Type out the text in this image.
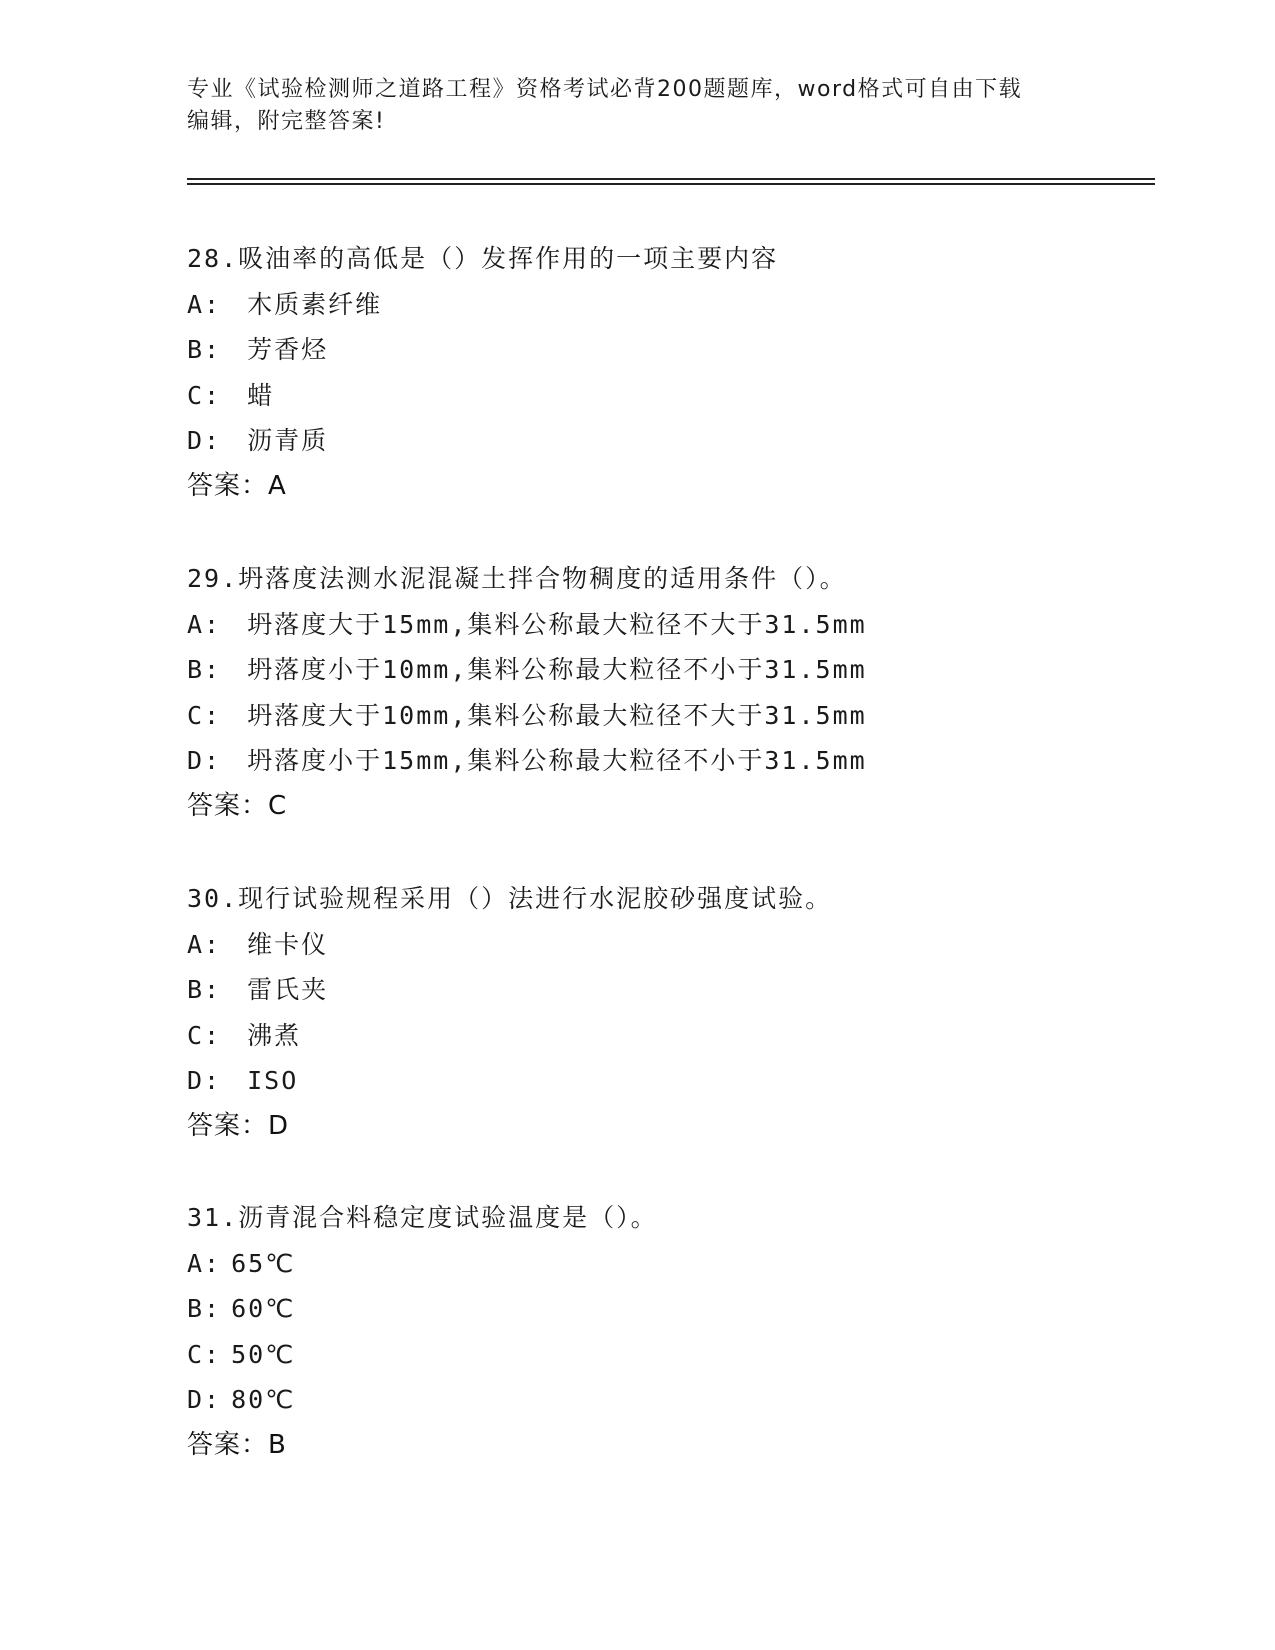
专业《试验检测师之道路工程》资格考试必背200题题库，word格式可自由下载
编辑，附完整答案!
28.吸油率的高低是（）发挥作用的一项主要内容
A: 木质素纤维
B: 芳香烃
C: 蜡
D: 沥青质
答案：A
29.坍落度法测水泥混凝土拌合物稠度的适用条件（）。
A: 坍落度大于15mm,集料公称最大粒径不大于31.5mm
B: 坍落度小于10mm,集料公称最大粒径不小于31.5mm
C: 坍落度大于10mm,集料公称最大粒径不大于31.5mm
D: 坍落度小于15mm,集料公称最大粒径不小于31.5mm
答案：C
30.现行试验规程采用（）法进行水泥胶砂强度试验。
A: 维卡仪
B: 雷氏夹
C: 沸煮
D: ISO
答案：D
31.沥青混合料稳定度试验温度是（）。
A: 65℃
B: 60℃
C: 50℃
D: 80℃
答案：B
